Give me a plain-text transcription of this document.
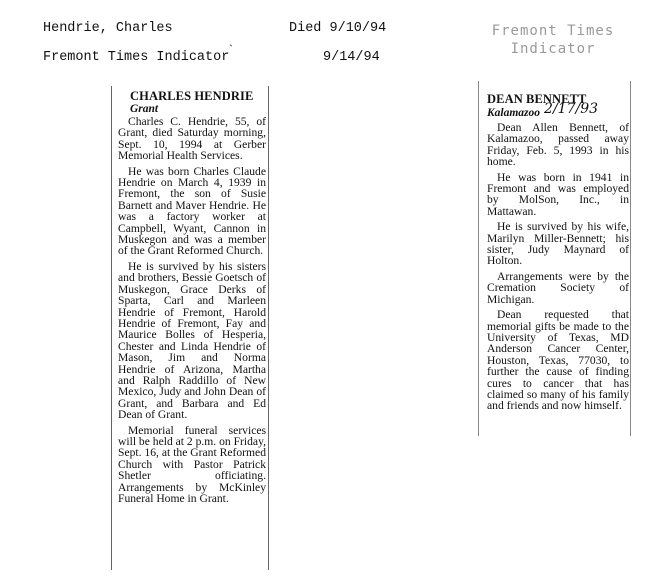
Hendrie, Charles	Died 9/10/94
Fremont Times Indicator	9/14/94
ˎ
Fremont Times
Indicator
CHARLES HENDRIE
Grant

Charles C. Hendrie, 55, of Grant, died Saturday morning, Sept. 10, 1994 at Gerber Memorial Health Services.

He was born Charles Claude Hendrie on March 4, 1939 in Fremont, the son of Susie Barnett and Maver Hendrie. He was a factory worker at Campbell, Wyant, Cannon in Muskegon and was a member of the Grant Reformed Church.

He is survived by his sisters and brothers, Bessie Goetsch of Muskegon, Grace Derks of Sparta, Carl and Marleen Hendrie of Fremont, Harold Hendrie of Fremont, Fay and Maurice Bolles of Hesperia, Chester and Linda Hendrie of Mason, Jim and Norma Hendrie of Arizona, Martha and Ralph Raddillo of New Mexico, Judy and John Dean of Grant, and Barbara and Ed Dean of Grant.

Memorial funeral services will be held at 2 p.m. on Friday, Sept. 16, at the Grant Reformed Church with Pastor Patrick Shetler officiating. Arrangements by McKinley Funeral Home in Grant.

DEAN BENNETT
Kalamazoo 2/17/93

Dean Allen Bennett, of Kalamazoo, passed away Friday, Feb. 5, 1993 in his home.

He was born in 1941 in Fremont and was employed by MolSon, Inc., in Mattawan.

He is survived by his wife, Marilyn Miller-Bennett; his sister, Judy Maynard of Holton.

Arrangements were by the Cremation Society of Michigan.

Dean requested that memorial gifts be made to the University of Texas, MD Anderson Cancer Center, Houston, Texas, 77030, to further the cause of finding cures to cancer that has claimed so many of his family and friends and now himself.
